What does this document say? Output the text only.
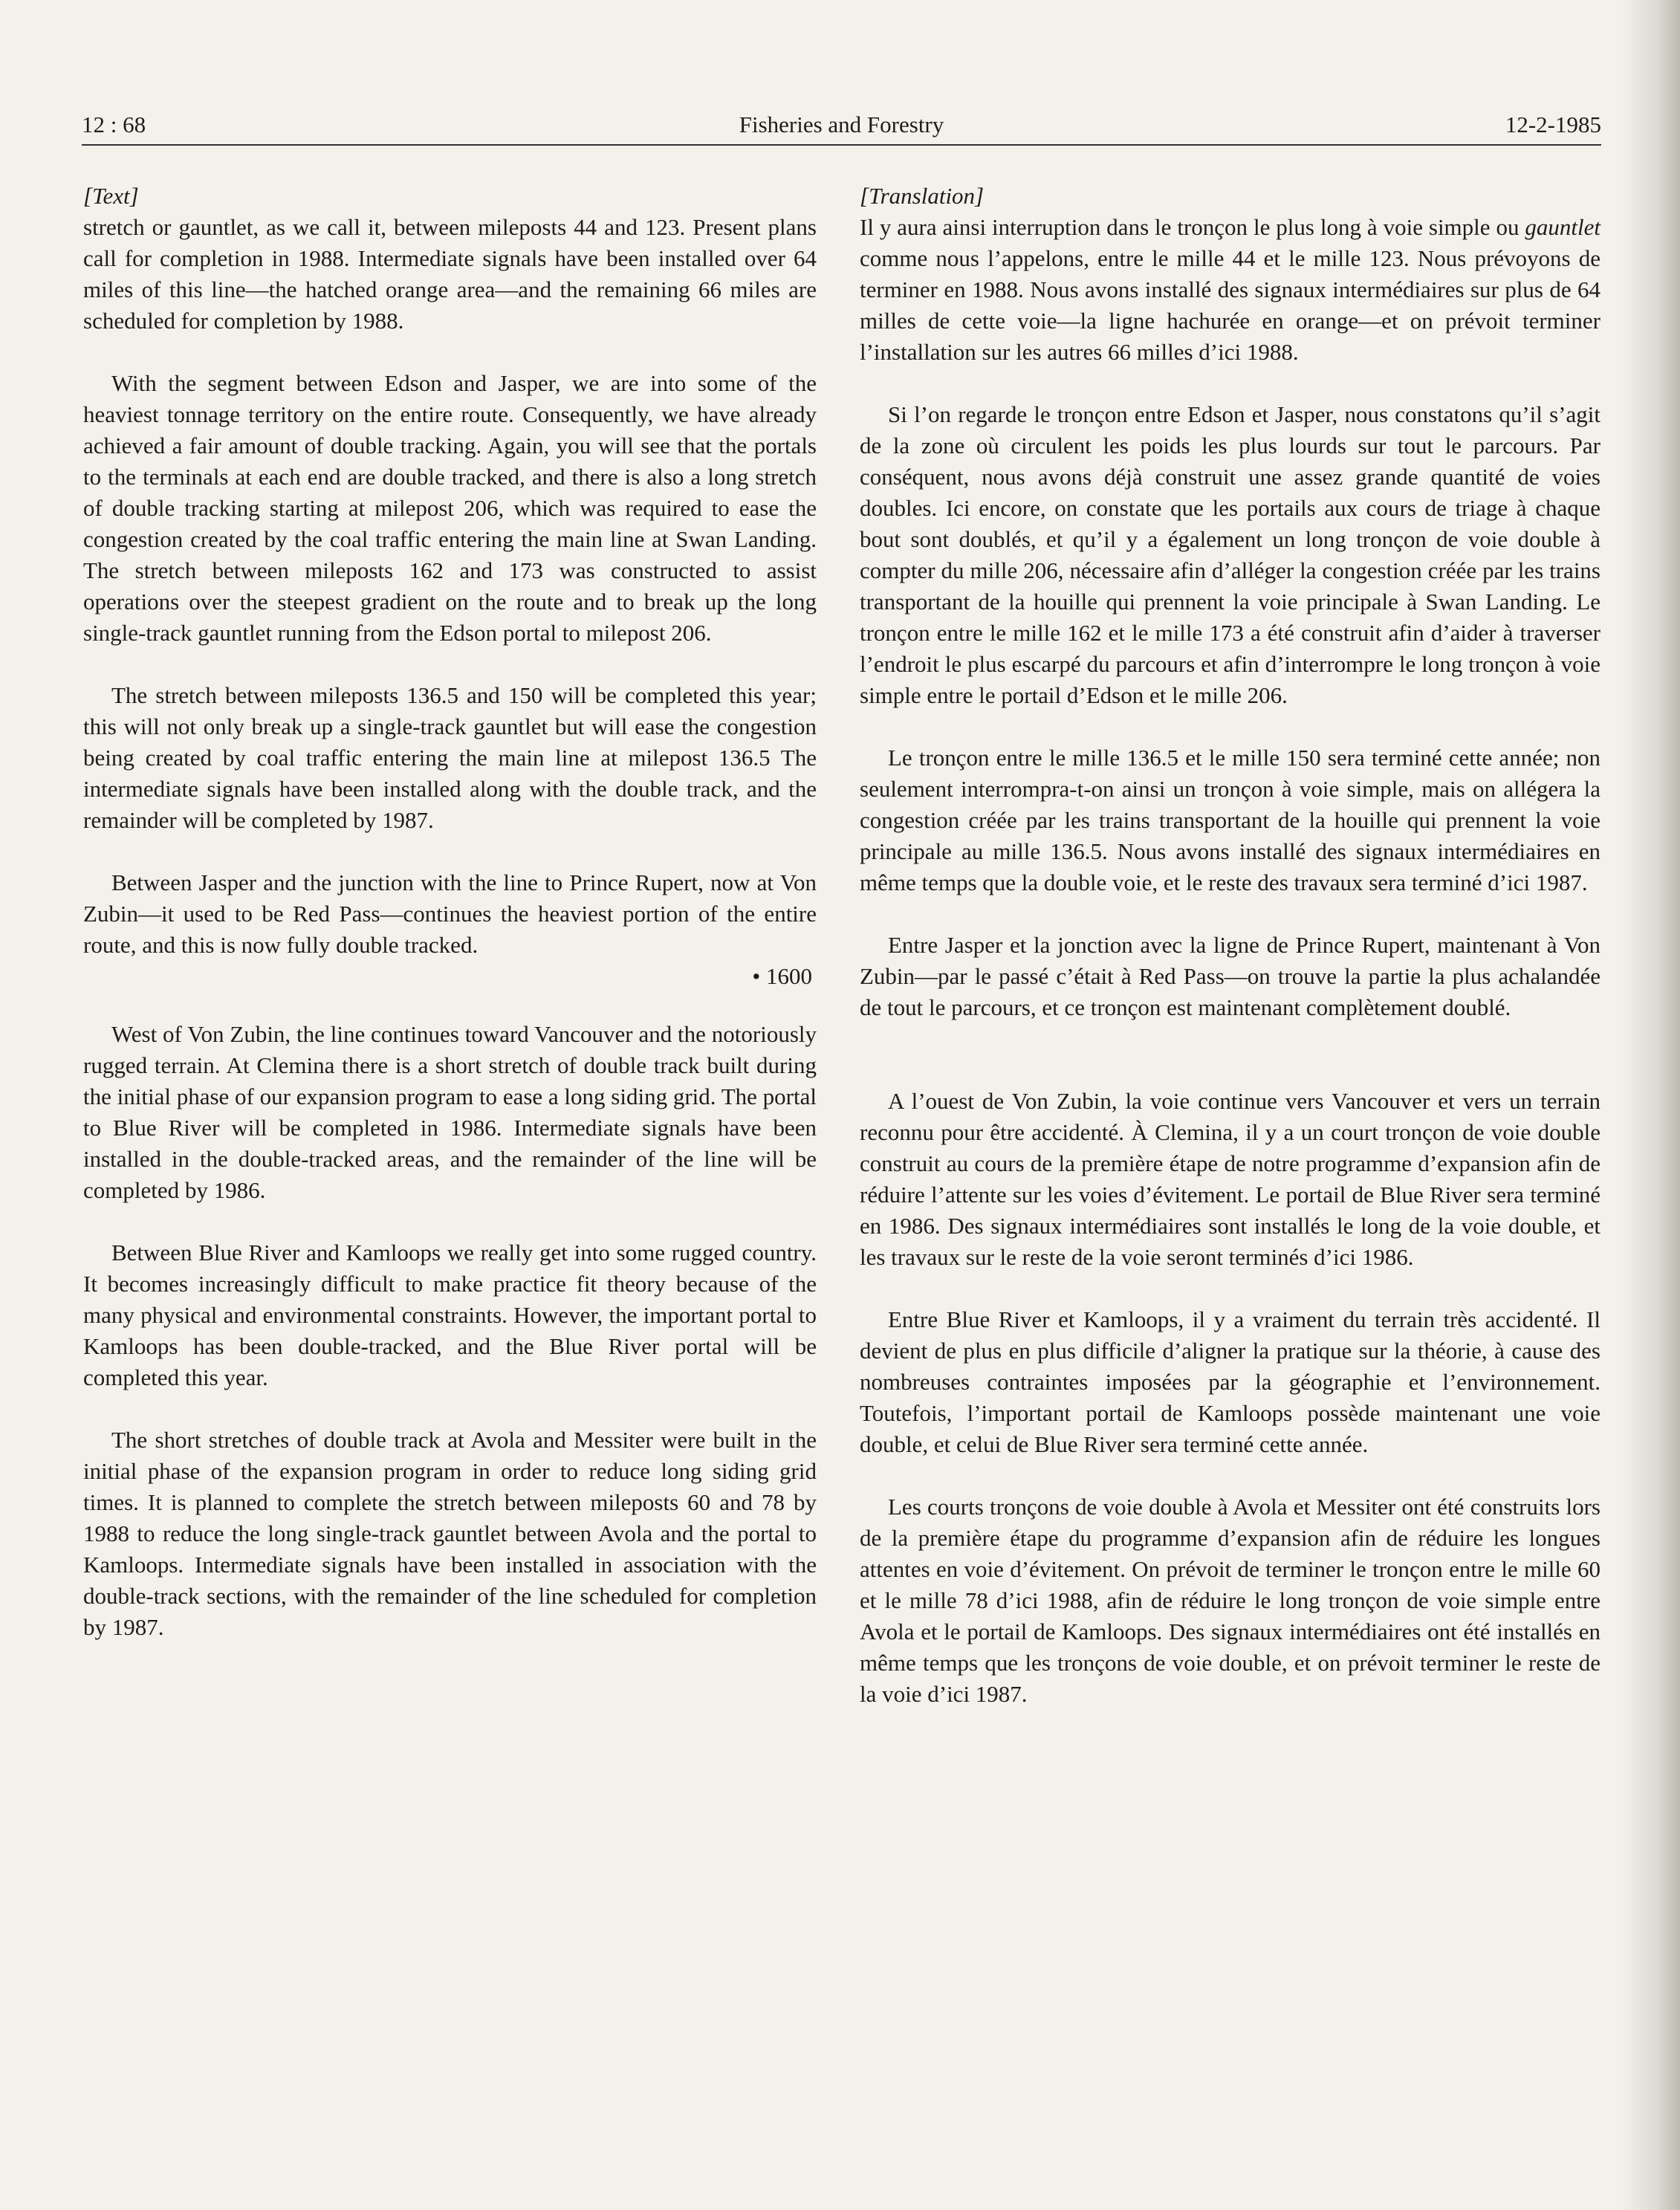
12 : 68	Fisheries and Forestry	12-2-1985
[Text]

stretch or gauntlet, as we call it, between mileposts 44 and 123. Present plans call for completion in 1988. Intermediate signals have been installed over 64 miles of this line—the hatched orange area—and the remaining 66 miles are scheduled for completion by 1988.

With the segment between Edson and Jasper, we are into some of the heaviest tonnage territory on the entire route. Consequently, we have already achieved a fair amount of double tracking. Again, you will see that the portals to the terminals at each end are double tracked, and there is also a long stretch of double tracking starting at milepost 206, which was required to ease the congestion created by the coal traffic entering the main line at Swan Landing. The stretch between mileposts 162 and 173 was constructed to assist operations over the steepest gradient on the route and to break up the long single-track gauntlet running from the Edson portal to milepost 206.

The stretch between mileposts 136.5 and 150 will be completed this year; this will not only break up a single-track gauntlet but will ease the congestion being created by coal traffic entering the main line at milepost 136.5 The intermediate signals have been installed along with the double track, and the remainder will be completed by 1987.

Between Jasper and the junction with the line to Prince Rupert, now at Von Zubin—it used to be Red Pass—continues the heaviest portion of the entire route, and this is now fully double tracked.

• 1600

West of Von Zubin, the line continues toward Vancouver and the notoriously rugged terrain. At Clemina there is a short stretch of double track built during the initial phase of our expansion program to ease a long siding grid. The portal to Blue River will be completed in 1986. Intermediate signals have been installed in the double-tracked areas, and the remainder of the line will be completed by 1986.

Between Blue River and Kamloops we really get into some rugged country. It becomes increasingly difficult to make practice fit theory because of the many physical and environmental constraints. However, the important portal to Kamloops has been double-tracked, and the Blue River portal will be completed this year.

The short stretches of double track at Avola and Messiter were built in the initial phase of the expansion program in order to reduce long siding grid times. It is planned to complete the stretch between mileposts 60 and 78 by 1988 to reduce the long single-track gauntlet between Avola and the portal to Kamloops. Intermediate signals have been installed in association with the double-track sections, with the remainder of the line scheduled for completion by 1987.

[Translation]

Il y aura ainsi interruption dans le tronçon le plus long à voie simple ou gauntlet comme nous l’appelons, entre le mille 44 et le mille 123. Nous prévoyons de terminer en 1988. Nous avons installé des signaux intermédiaires sur plus de 64 milles de cette voie—la ligne hachurée en orange—et on prévoit terminer l’installation sur les autres 66 milles d’ici 1988.

Si l’on regarde le tronçon entre Edson et Jasper, nous constatons qu’il s’agit de la zone où circulent les poids les plus lourds sur tout le parcours. Par conséquent, nous avons déjà construit une assez grande quantité de voies doubles. Ici encore, on constate que les portails aux cours de triage à chaque bout sont doublés, et qu’il y a également un long tronçon de voie double à compter du mille 206, nécessaire afin d’alléger la congestion créée par les trains transportant de la houille qui prennent la voie principale à Swan Landing. Le tronçon entre le mille 162 et le mille 173 a été construit afin d’aider à traverser l’endroit le plus escarpé du parcours et afin d’interrompre le long tronçon à voie simple entre le portail d’Edson et le mille 206.

Le tronçon entre le mille 136.5 et le mille 150 sera terminé cette année; non seulement interrompra-t-on ainsi un tronçon à voie simple, mais on allégera la congestion créée par les trains transportant de la houille qui prennent la voie principale au mille 136.5. Nous avons installé des signaux intermédiaires en même temps que la double voie, et le reste des travaux sera terminé d’ici 1987.

Entre Jasper et la jonction avec la ligne de Prince Rupert, maintenant à Von Zubin—par le passé c’était à Red Pass—on trouve la partie la plus achalandée de tout le parcours, et ce tronçon est maintenant complètement doublé.

A l’ouest de Von Zubin, la voie continue vers Vancouver et vers un terrain reconnu pour être accidenté. À Clemina, il y a un court tronçon de voie double construit au cours de la première étape de notre programme d’expansion afin de réduire l’attente sur les voies d’évitement. Le portail de Blue River sera terminé en 1986. Des signaux intermédiaires sont installés le long de la voie double, et les travaux sur le reste de la voie seront terminés d’ici 1986.

Entre Blue River et Kamloops, il y a vraiment du terrain très accidenté. Il devient de plus en plus difficile d’aligner la pratique sur la théorie, à cause des nombreuses contraintes imposées par la géographie et l’environnement. Toutefois, l’important portail de Kamloops possède maintenant une voie double, et celui de Blue River sera terminé cette année.

Les courts tronçons de voie double à Avola et Messiter ont été construits lors de la première étape du programme d’expansion afin de réduire les longues attentes en voie d’évitement. On prévoit de terminer le tronçon entre le mille 60 et le mille 78 d’ici 1988, afin de réduire le long tronçon de voie simple entre Avola et le portail de Kamloops. Des signaux intermédiaires ont été installés en même temps que les tronçons de voie double, et on prévoit terminer le reste de la voie d’ici 1987.
